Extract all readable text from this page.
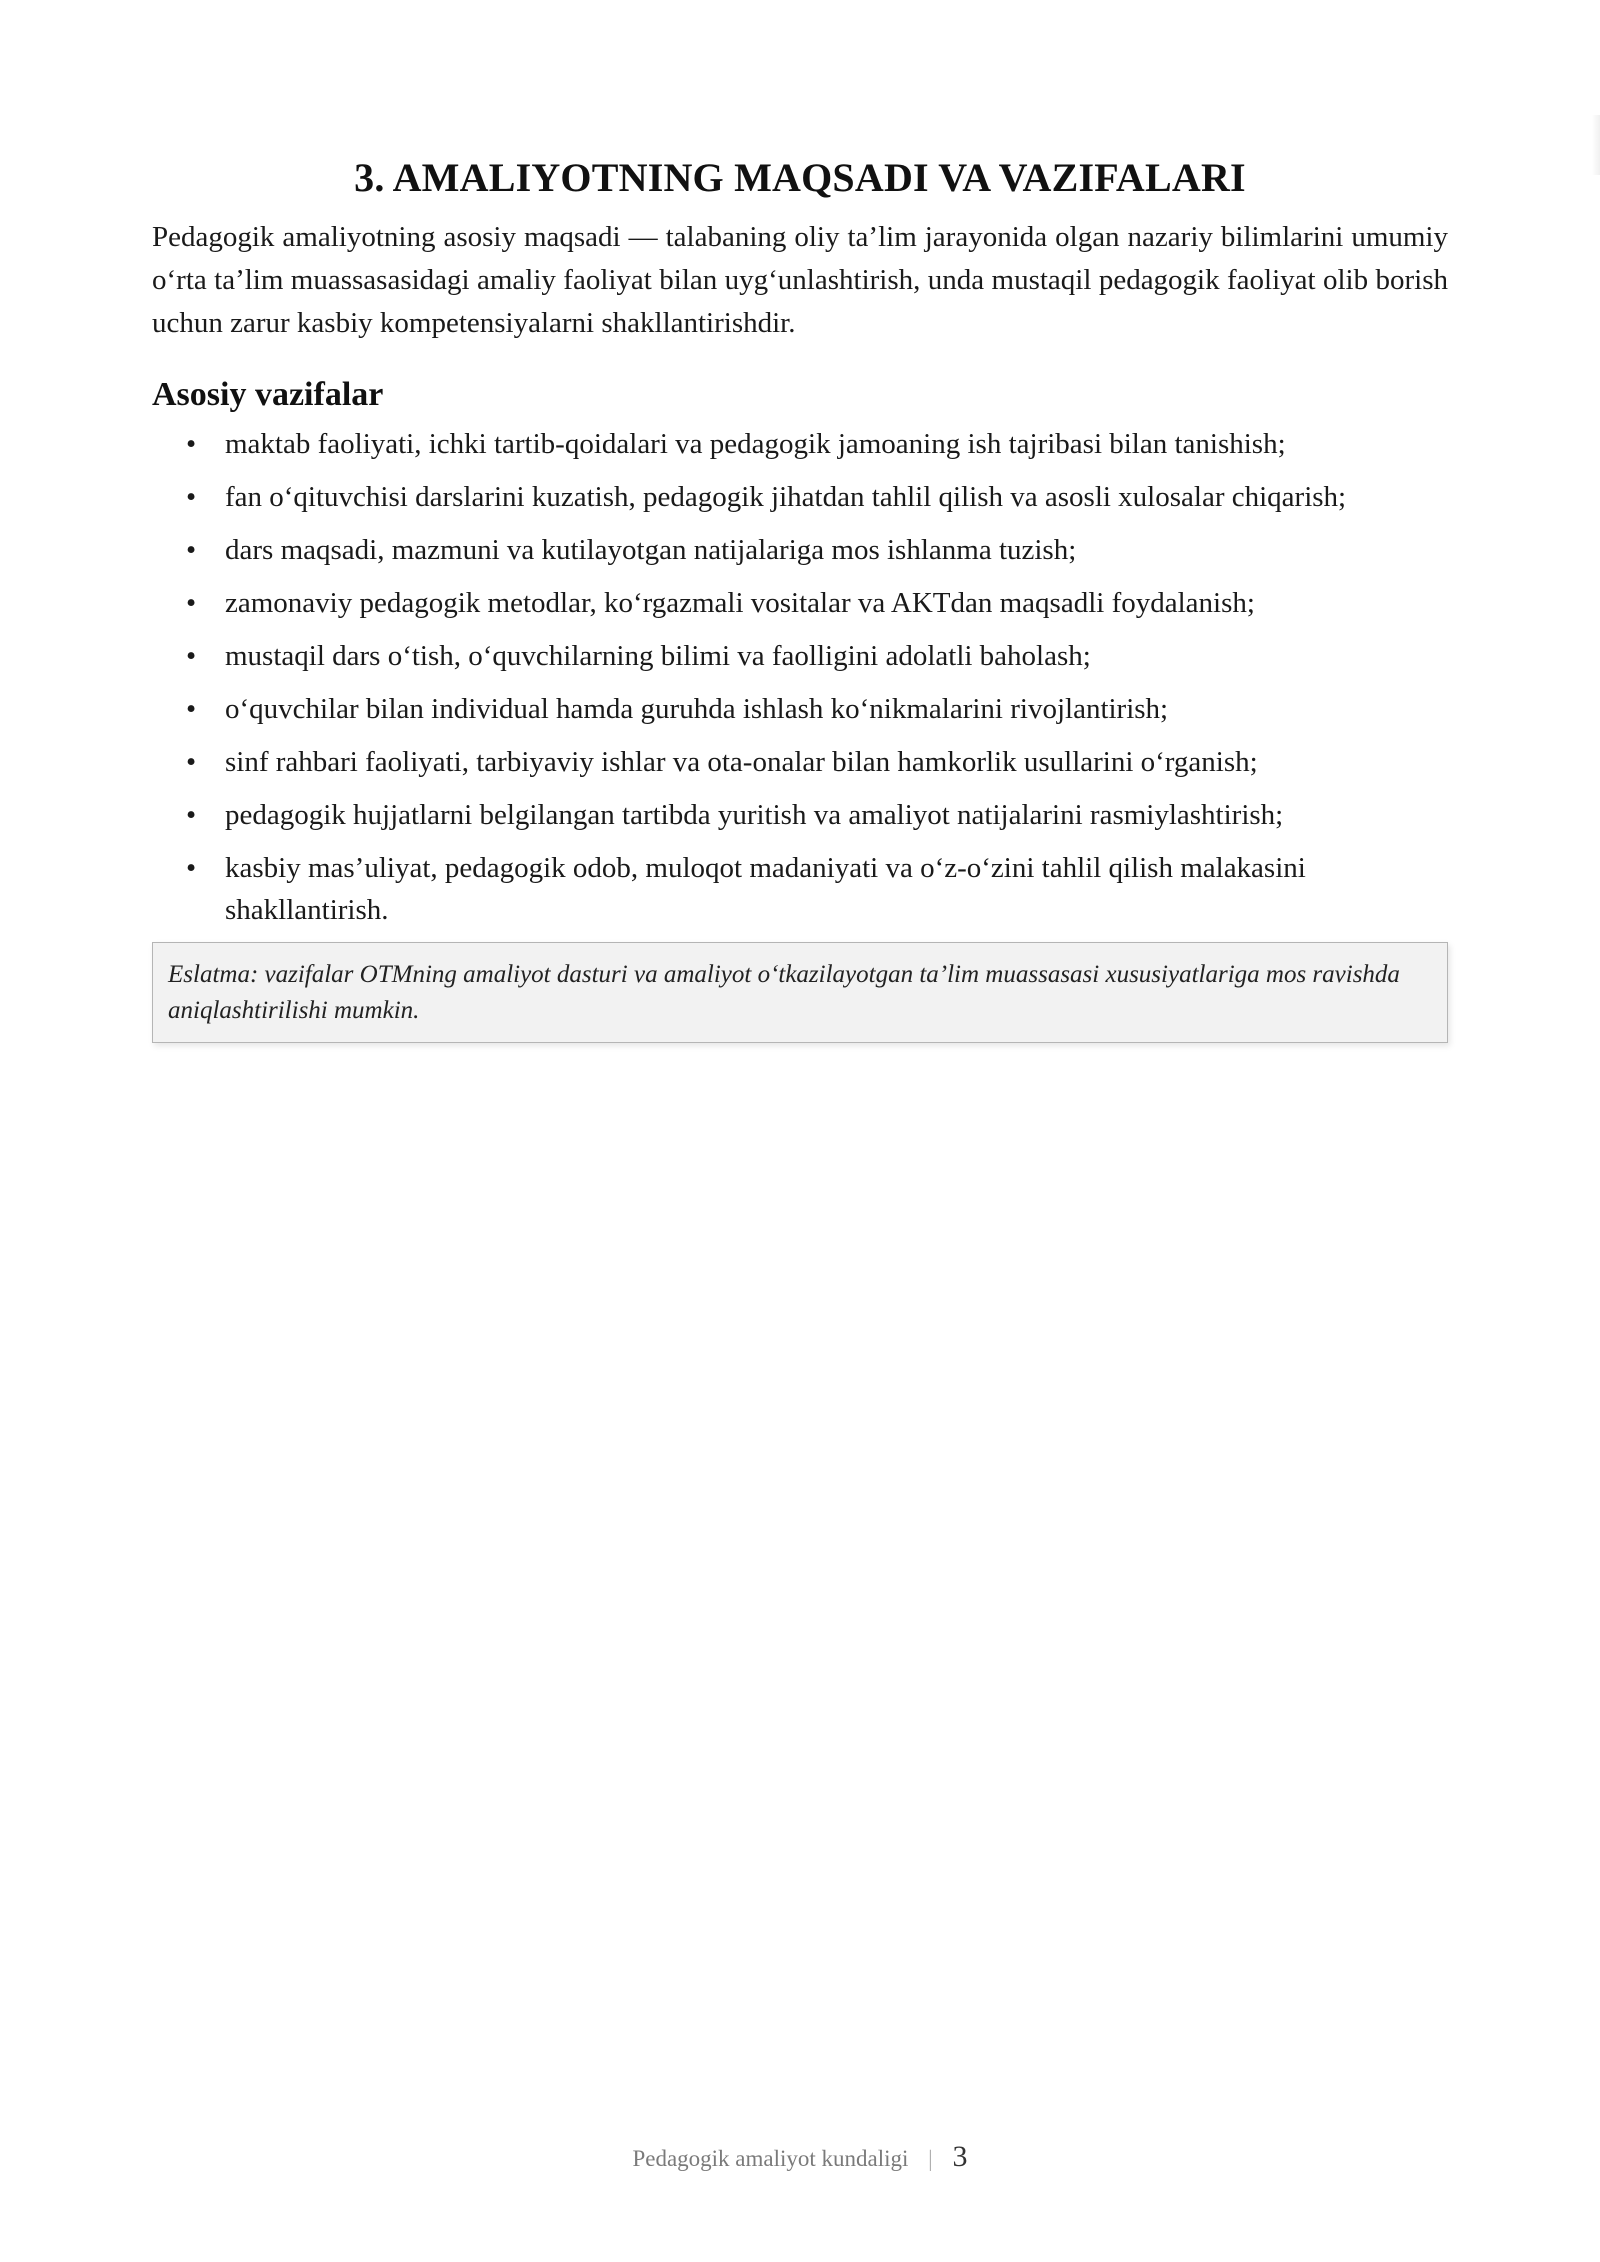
3. AMALIYOTNING MAQSADI VA VAZIFALARI

Pedagogik amaliyotning asosiy maqsadi — talabaning oliy ta’lim jarayonida olgan nazariy bilimlarini umumiy o‘rta ta’lim muassasasidagi amaliy faoliyat bilan uyg‘unlashtirish, unda mustaqil pedagogik faoliyat olib borish uchun zarur kasbiy kompetensiyalarni shakllantirishdir.

Asosiy vazifalar
• maktab faoliyati, ichki tartib-qoidalari va pedagogik jamoaning ish tajribasi bilan tanishish;
• fan o‘qituvchisi darslarini kuzatish, pedagogik jihatdan tahlil qilish va asosli xulosalar chiqarish;
• dars maqsadi, mazmuni va kutilayotgan natijalariga mos ishlanma tuzish;
• zamonaviy pedagogik metodlar, ko‘rgazmali vositalar va AKTdan maqsadli foydalanish;
• mustaqil dars o‘tish, o‘quvchilarning bilimi va faolligini adolatli baholash;
• o‘quvchilar bilan individual hamda guruhda ishlash ko‘nikmalarini rivojlantirish;
• sinf rahbari faoliyati, tarbiyaviy ishlar va ota-onalar bilan hamkorlik usullarini o‘rganish;
• pedagogik hujjatlarni belgilangan tartibda yuritish va amaliyot natijalarini rasmiylashtirish;
• kasbiy mas’uliyat, pedagogik odob, muloqot madaniyati va o‘z-o‘zini tahlil qilish malakasini shakllantirish.
Eslatma: vazifalar OTMning amaliyot dasturi va amaliyot o‘tkazilayotgan ta’lim muassasasi xususiyatlariga mos ravishda aniqlashtirilishi mumkin.
Pedagogik amaliyot kundaligi | 3
